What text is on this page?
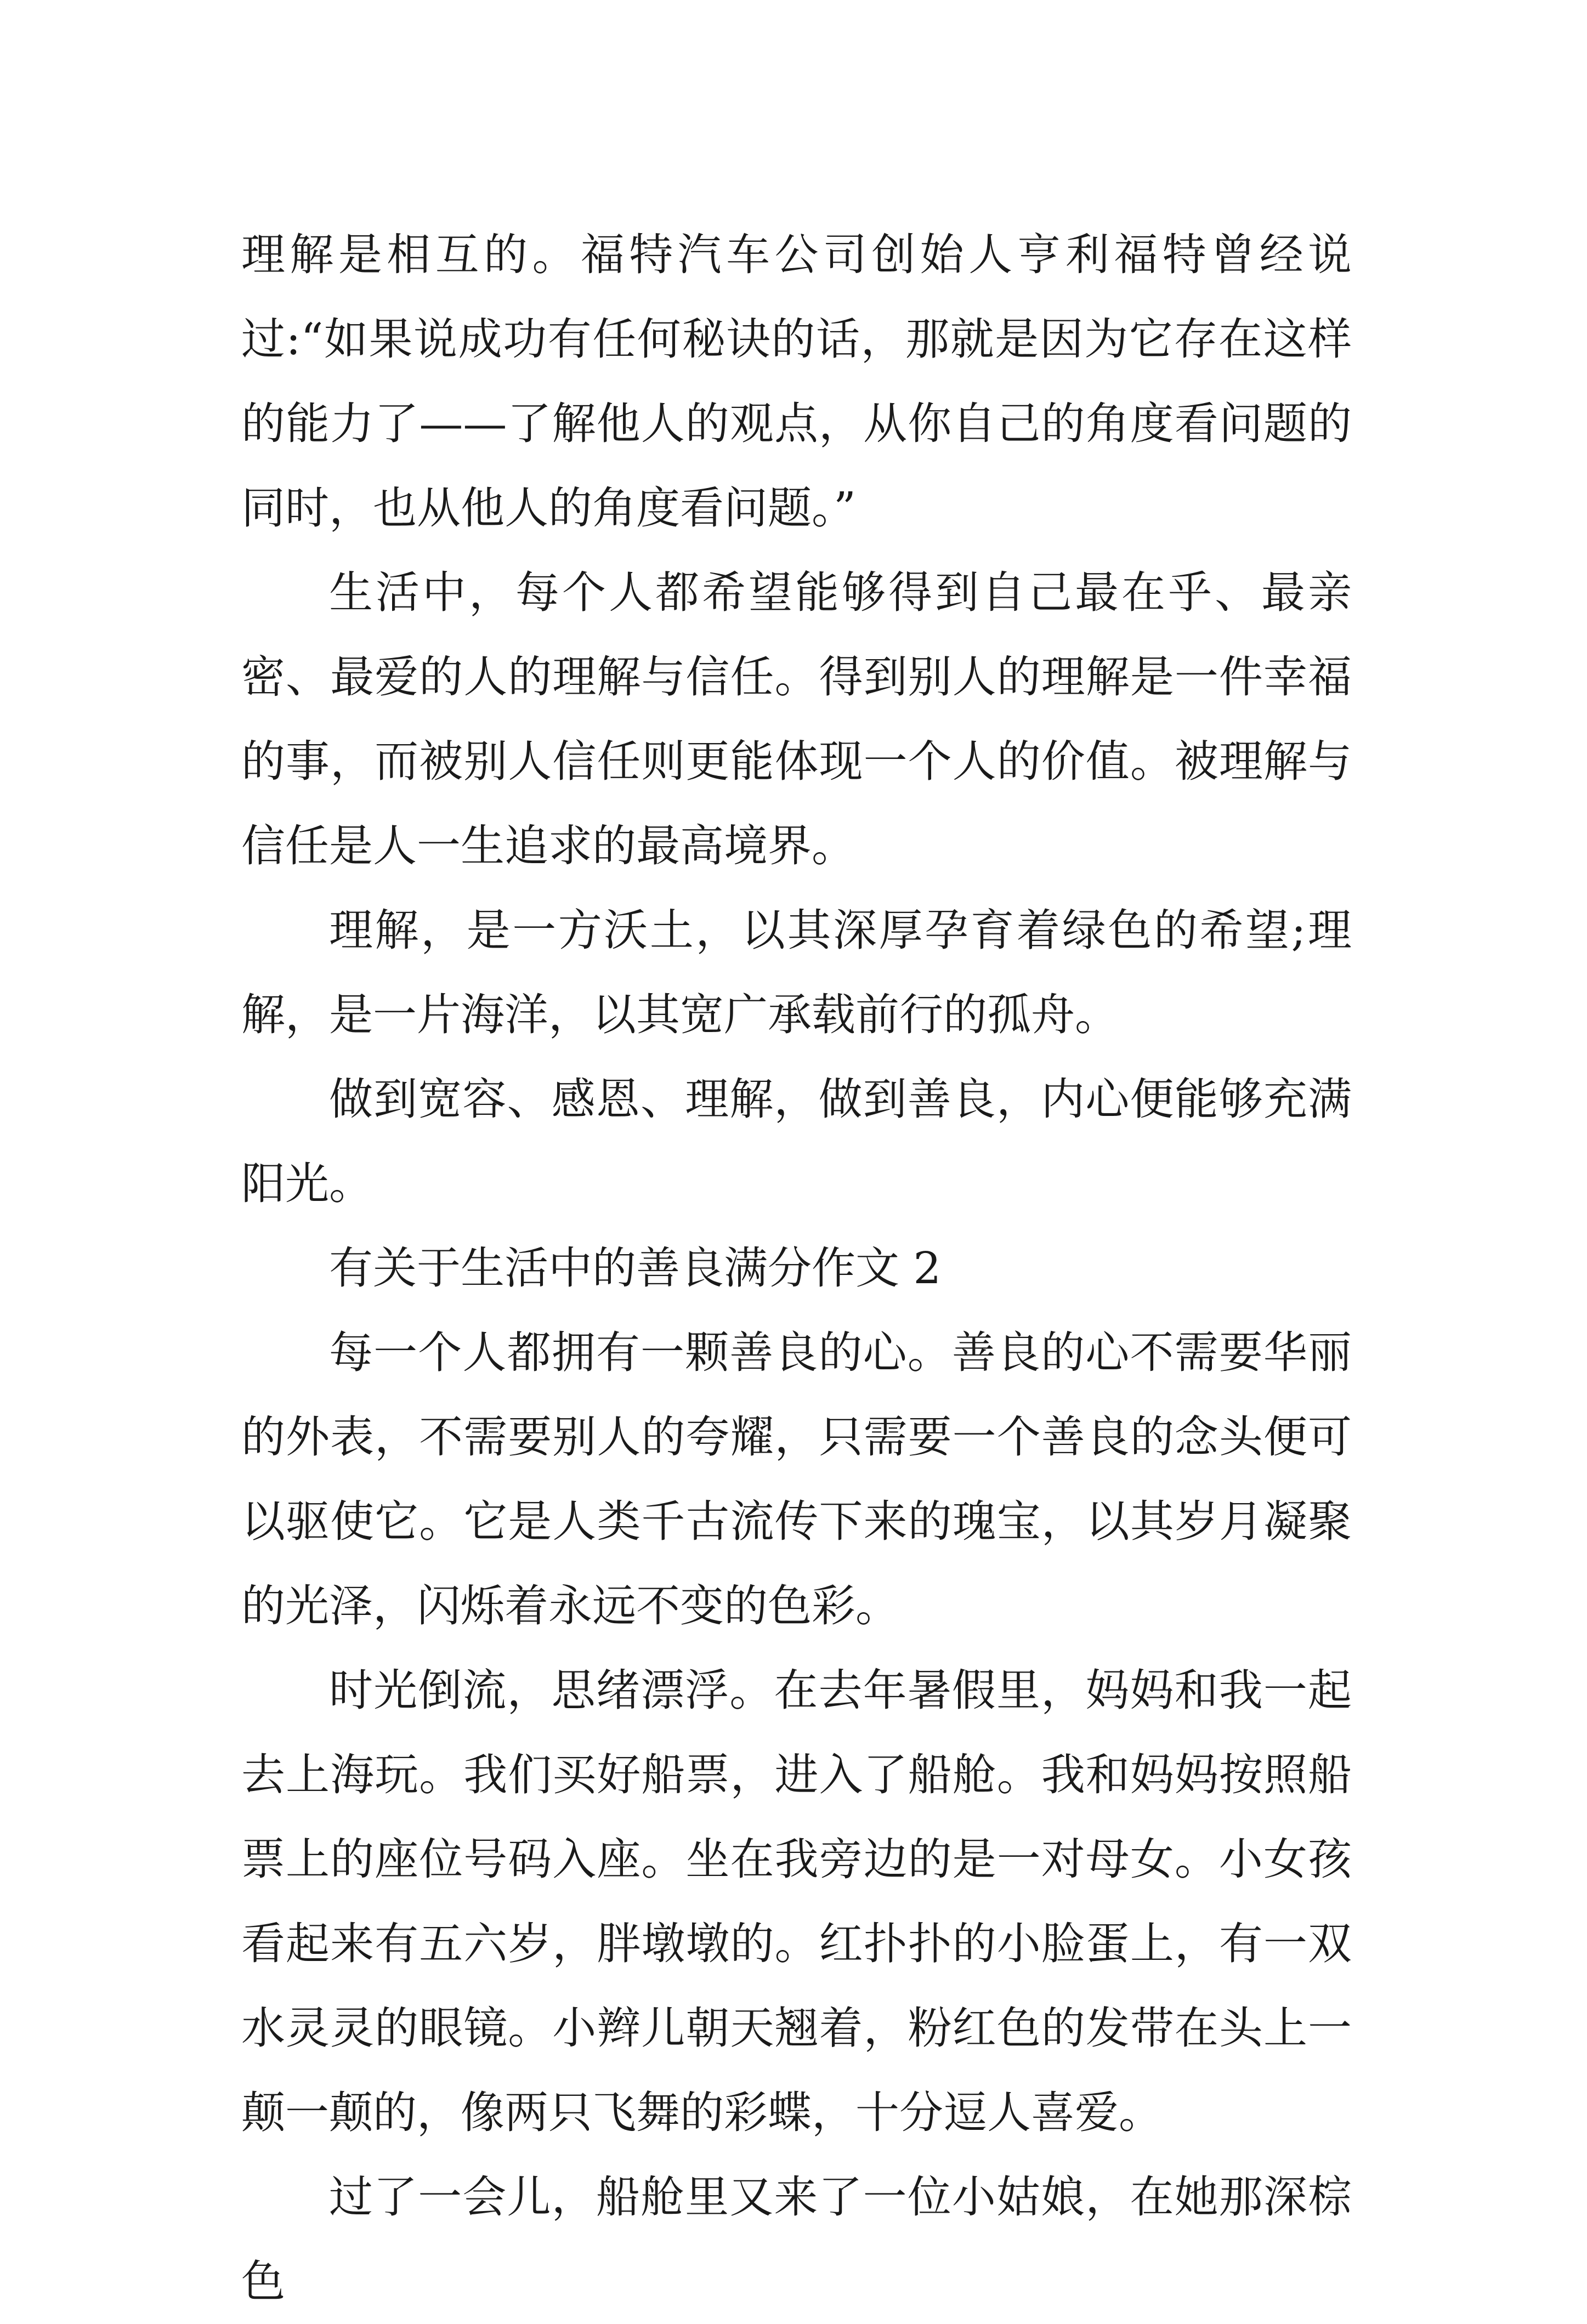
理解是相互的。福特汽车公司创始人亨利福特曾经说过:“如果说成功有任何秘诀的话，那就是因为它存在这样的能力了——了解他人的观点，从你自己的角度看问题的同时，也从他人的角度看问题。”

生活中，每个人都希望能够得到自己最在乎、最亲密、最爱的人的理解与信任。得到别人的理解是一件幸福的事，而被别人信任则更能体现一个人的价值。被理解与信任是人一生追求的最高境界。

理解，是一方沃土，以其深厚孕育着绿色的希望;理解，是一片海洋，以其宽广承载前行的孤舟。

做到宽容、感恩、理解，做到善良，内心便能够充满阳光。

有关于生活中的善良满分作文 2

每一个人都拥有一颗善良的心。善良的心不需要华丽的外表，不需要别人的夸耀，只需要一个善良的念头便可以驱使它。它是人类千古流传下来的瑰宝，以其岁月凝聚的光泽，闪烁着永远不变的色彩。

时光倒流，思绪漂浮。在去年暑假里，妈妈和我一起去上海玩。我们买好船票，进入了船舱。我和妈妈按照船票上的座位号码入座。坐在我旁边的是一对母女。小女孩看起来有五六岁，胖墩墩的。红扑扑的小脸蛋上，有一双水灵灵的眼镜。小辫儿朝天翘着，粉红色的发带在头上一颠一颠的，像两只飞舞的彩蝶，十分逗人喜爱。

过了一会儿，船舱里又来了一位小姑娘，在她那深棕色
